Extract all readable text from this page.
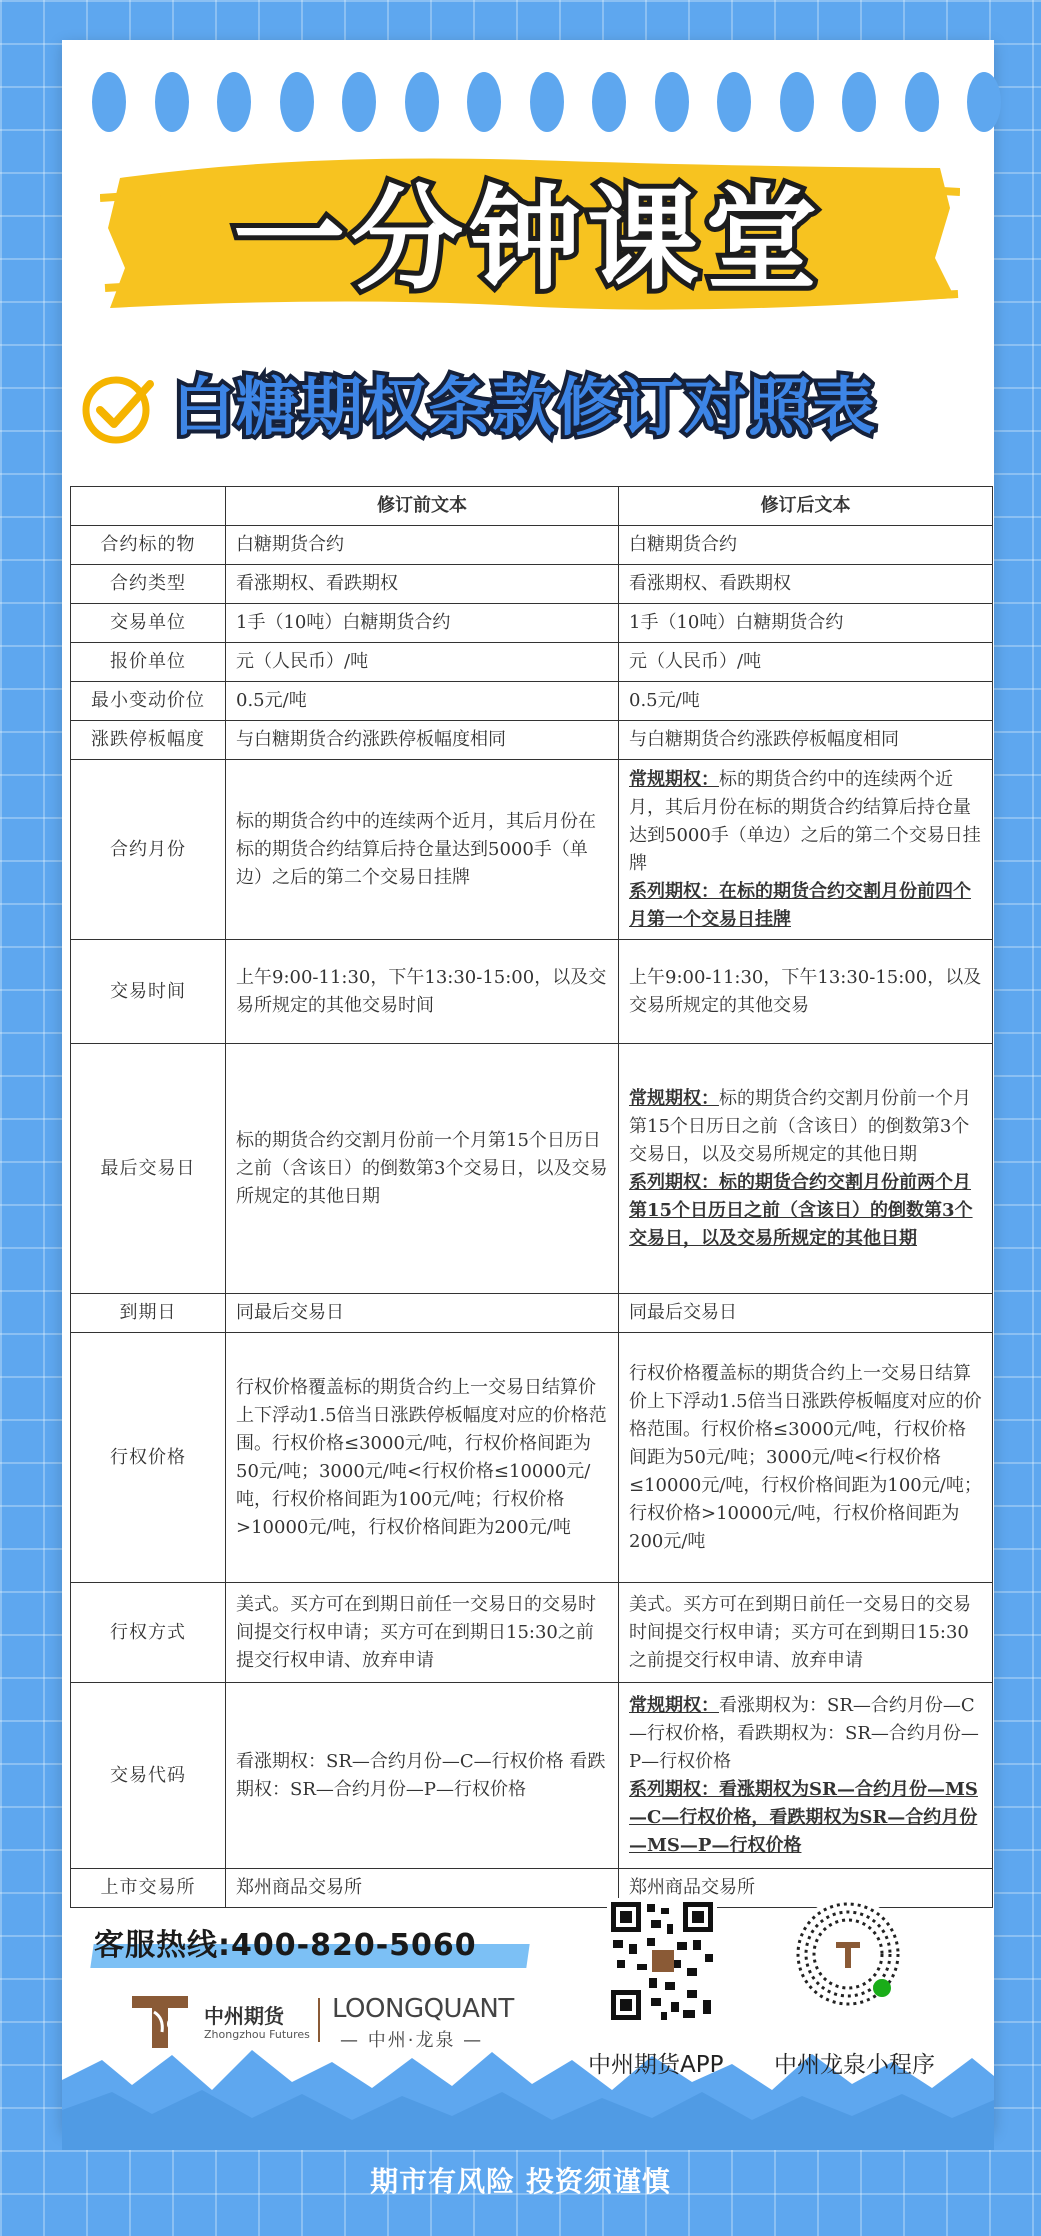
一分钟课堂
白糖期权条款修订对照表
	修订前文本	修订后文本
合约标的物	白糖期货合约	白糖期货合约
合约类型	看涨期权、看跌期权	看涨期权、看跌期权
交易单位	1手（10吨）白糖期货合约	1手（10吨）白糖期货合约
报价单位	元（人民币）/吨	元（人民币）/吨
最小变动价位	0.5元/吨	0.5元/吨
涨跌停板幅度	与白糖期货合约涨跌停板幅度相同	与白糖期货合约涨跌停板幅度相同
合约月份	标的期货合约中的连续两个近月，其后月份在标的期货合约结算后持仓量达到5000手（单边）之后的第二个交易日挂牌	常规期权：标的期货合约中的连续两个近月，其后月份在标的期货合约结算后持仓量达到5000手（单边）之后的第二个交易日挂牌
系列期权：在标的期货合约交割月份前四个月第一个交易日挂牌
交易时间	上午9:00-11:30，下午13:30-15:00，以及交易所规定的其他交易时间	上午9:00-11:30，下午13:30-15:00，以及交易所规定的其他交易
最后交易日	标的期货合约交割月份前一个月第15个日历日之前（含该日）的倒数第3个交易日，以及交易所规定的其他日期	常规期权：标的期货合约交割月份前一个月第15个日历日之前（含该日）的倒数第3个交易日，以及交易所规定的其他日期
系列期权：标的期货合约交割月份前两个月第15个日历日之前（含该日）的倒数第3个交易日，以及交易所规定的其他日期
到期日	同最后交易日	同最后交易日
行权价格	行权价格覆盖标的期货合约上一交易日结算价上下浮动1.5倍当日涨跌停板幅度对应的价格范围。行权价格≤3000元/吨，行权价格间距为50元/吨；3000元/吨<行权价格≤10000元/吨，行权价格间距为100元/吨；行权价格>10000元/吨，行权价格间距为200元/吨	行权价格覆盖标的期货合约上一交易日结算价上下浮动1.5倍当日涨跌停板幅度对应的价格范围。行权价格≤3000元/吨，行权价格间距为50元/吨；3000元/吨<行权价格≤10000元/吨，行权价格间距为100元/吨；行权价格>10000元/吨，行权价格间距为200元/吨
行权方式	美式。买方可在到期日前任一交易日的交易时间提交行权申请；买方可在到期日15:30之前提交行权申请、放弃申请	美式。买方可在到期日前任一交易日的交易时间提交行权申请；买方可在到期日15:30之前提交行权申请、放弃申请
交易代码	看涨期权：SR—合约月份—C—行权价格 看跌期权：SR—合约月份—P—行权价格	常规期权：看涨期权为：SR—合约月份—C—行权价格，看跌期权为：SR—合约月份—P—行权价格
系列期权：看涨期权为SR—合约月份—MS—C—行权价格，看跌期权为SR—合约月份—MS—P—行权价格
上市交易所	郑州商品交易所	郑州商品交易所
客服热线:400-820-5060
中州期货
Zhongzhou Futures
LOONGQUANT
— 中州·龙泉 —
中州期货APP 中州龙泉小程序
期市有风险 投资须谨慎
